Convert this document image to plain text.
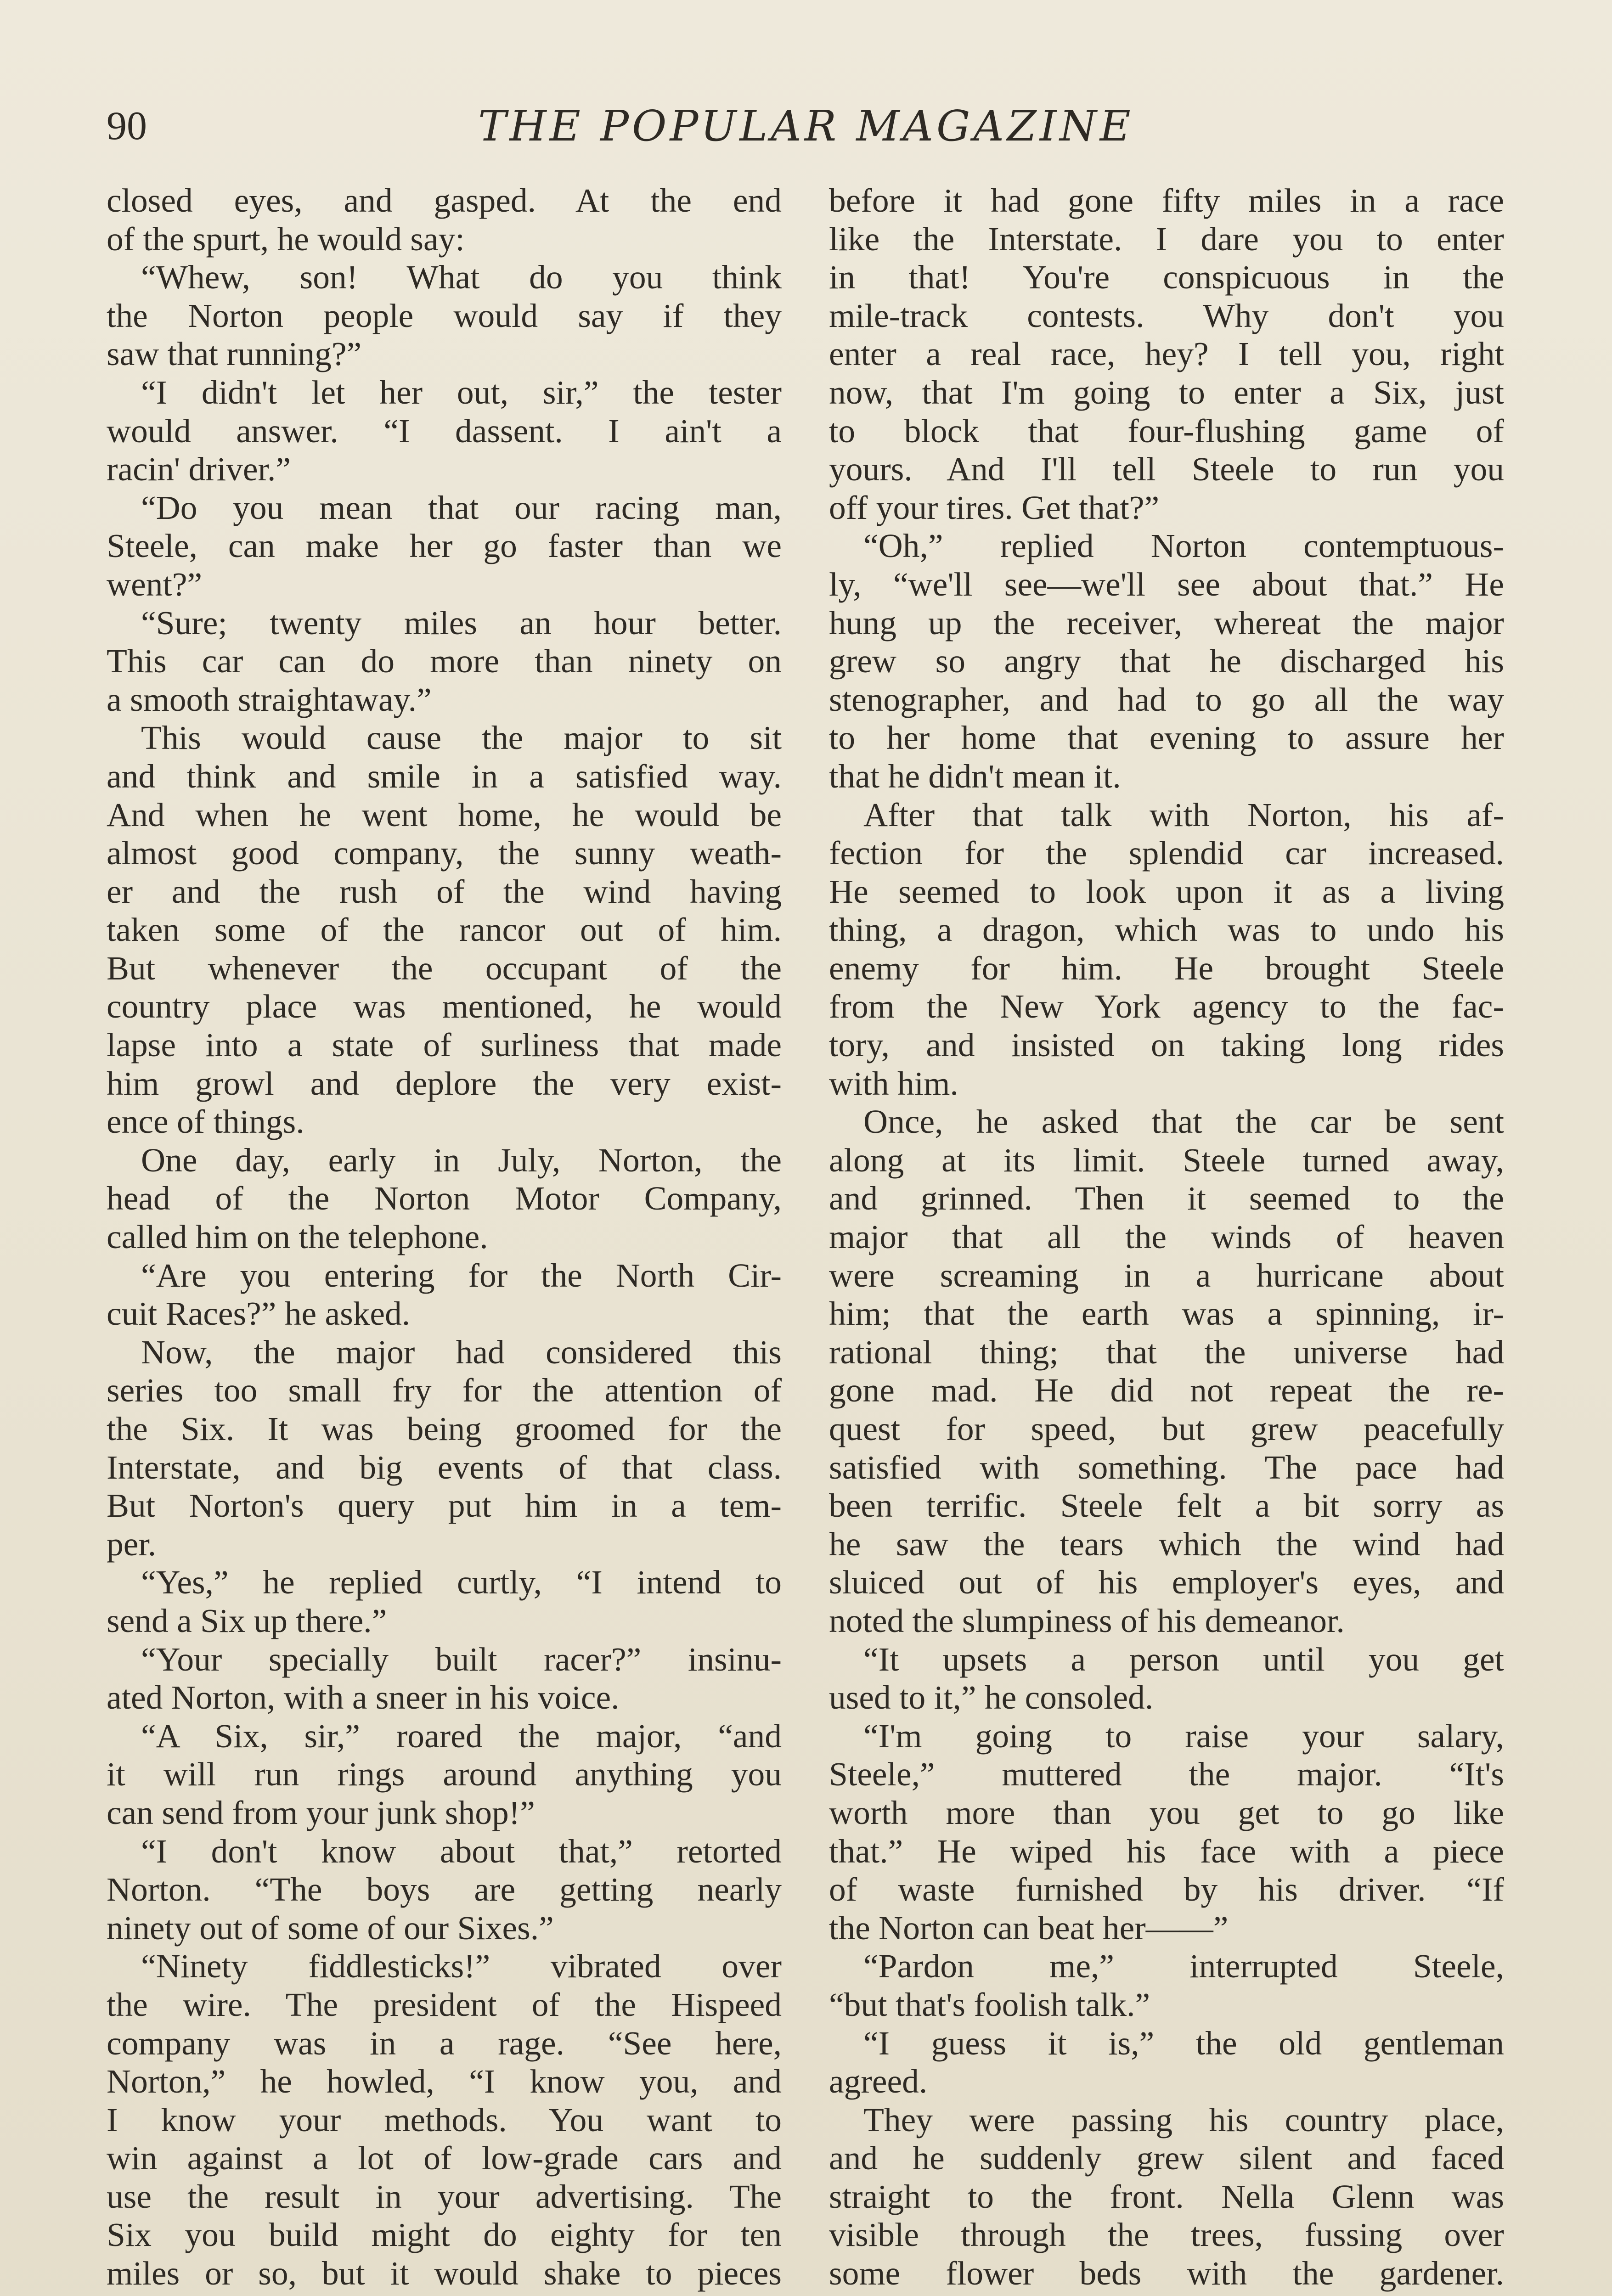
90	THE POPULAR MAGAZINE
closed eyes, and gasped. At the end
of the spurt, he would say:
“Whew, son! What do you think
the Norton people would say if they
saw that running?”
“I didn't let her out, sir,” the tester
would answer. “I dassent. I ain't a
racin' driver.”
“Do you mean that our racing man,
Steele, can make her go faster than we
went?”
“Sure; twenty miles an hour better.
This car can do more than ninety on
a smooth straightaway.”
This would cause the major to sit
and think and smile in a satisfied way.
And when he went home, he would be
almost good company, the sunny weath-
er and the rush of the wind having
taken some of the rancor out of him.
But whenever the occupant of the
country place was mentioned, he would
lapse into a state of surliness that made
him growl and deplore the very exist-
ence of things.
One day, early in July, Norton, the
head of the Norton Motor Company,
called him on the telephone.
“Are you entering for the North Cir-
cuit Races?” he asked.
Now, the major had considered this
series too small fry for the attention of
the Six. It was being groomed for the
Interstate, and big events of that class.
But Norton's query put him in a tem-
per.
“Yes,” he replied curtly, “I intend to
send a Six up there.”
“Your specially built racer?” insinu-
ated Norton, with a sneer in his voice.
“A Six, sir,” roared the major, “and
it will run rings around anything you
can send from your junk shop!”
“I don't know about that,” retorted
Norton. “The boys are getting nearly
ninety out of some of our Sixes.”
“Ninety fiddlesticks!” vibrated over
the wire. The president of the Hispeed
company was in a rage. “See here,
Norton,” he howled, “I know you, and
I know your methods. You want to
win against a lot of low-grade cars and
use the result in your advertising. The
Six you build might do eighty for ten
miles or so, but it would shake to pieces
before it had gone fifty miles in a race
like the Interstate. I dare you to enter
in that! You're conspicuous in the
mile-track contests. Why don't you
enter a real race, hey? I tell you, right
now, that I'm going to enter a Six, just
to block that four-flushing game of
yours. And I'll tell Steele to run you
off your tires. Get that?”
“Oh,” replied Norton contemptuous-
ly, “we'll see—we'll see about that.” He
hung up the receiver, whereat the major
grew so angry that he discharged his
stenographer, and had to go all the way
to her home that evening to assure her
that he didn't mean it.
After that talk with Norton, his af-
fection for the splendid car increased.
He seemed to look upon it as a living
thing, a dragon, which was to undo his
enemy for him. He brought Steele
from the New York agency to the fac-
tory, and insisted on taking long rides
with him.
Once, he asked that the car be sent
along at its limit. Steele turned away,
and grinned. Then it seemed to the
major that all the winds of heaven
were screaming in a hurricane about
him; that the earth was a spinning, ir-
rational thing; that the universe had
gone mad. He did not repeat the re-
quest for speed, but grew peacefully
satisfied with something. The pace had
been terrific. Steele felt a bit sorry as
he saw the tears which the wind had
sluiced out of his employer's eyes, and
noted the slumpiness of his demeanor.
“It upsets a person until you get
used to it,” he consoled.
“I'm going to raise your salary,
Steele,” muttered the major. “It's
worth more than you get to go like
that.” He wiped his face with a piece
of waste furnished by his driver. “If
the Norton can beat her——”
“Pardon me,” interrupted Steele,
“but that's foolish talk.”
“I guess it is,” the old gentleman
agreed.
They were passing his country place,
and he suddenly grew silent and faced
straight to the front. Nella Glenn was
visible through the trees, fussing over
some flower beds with the gardener.
